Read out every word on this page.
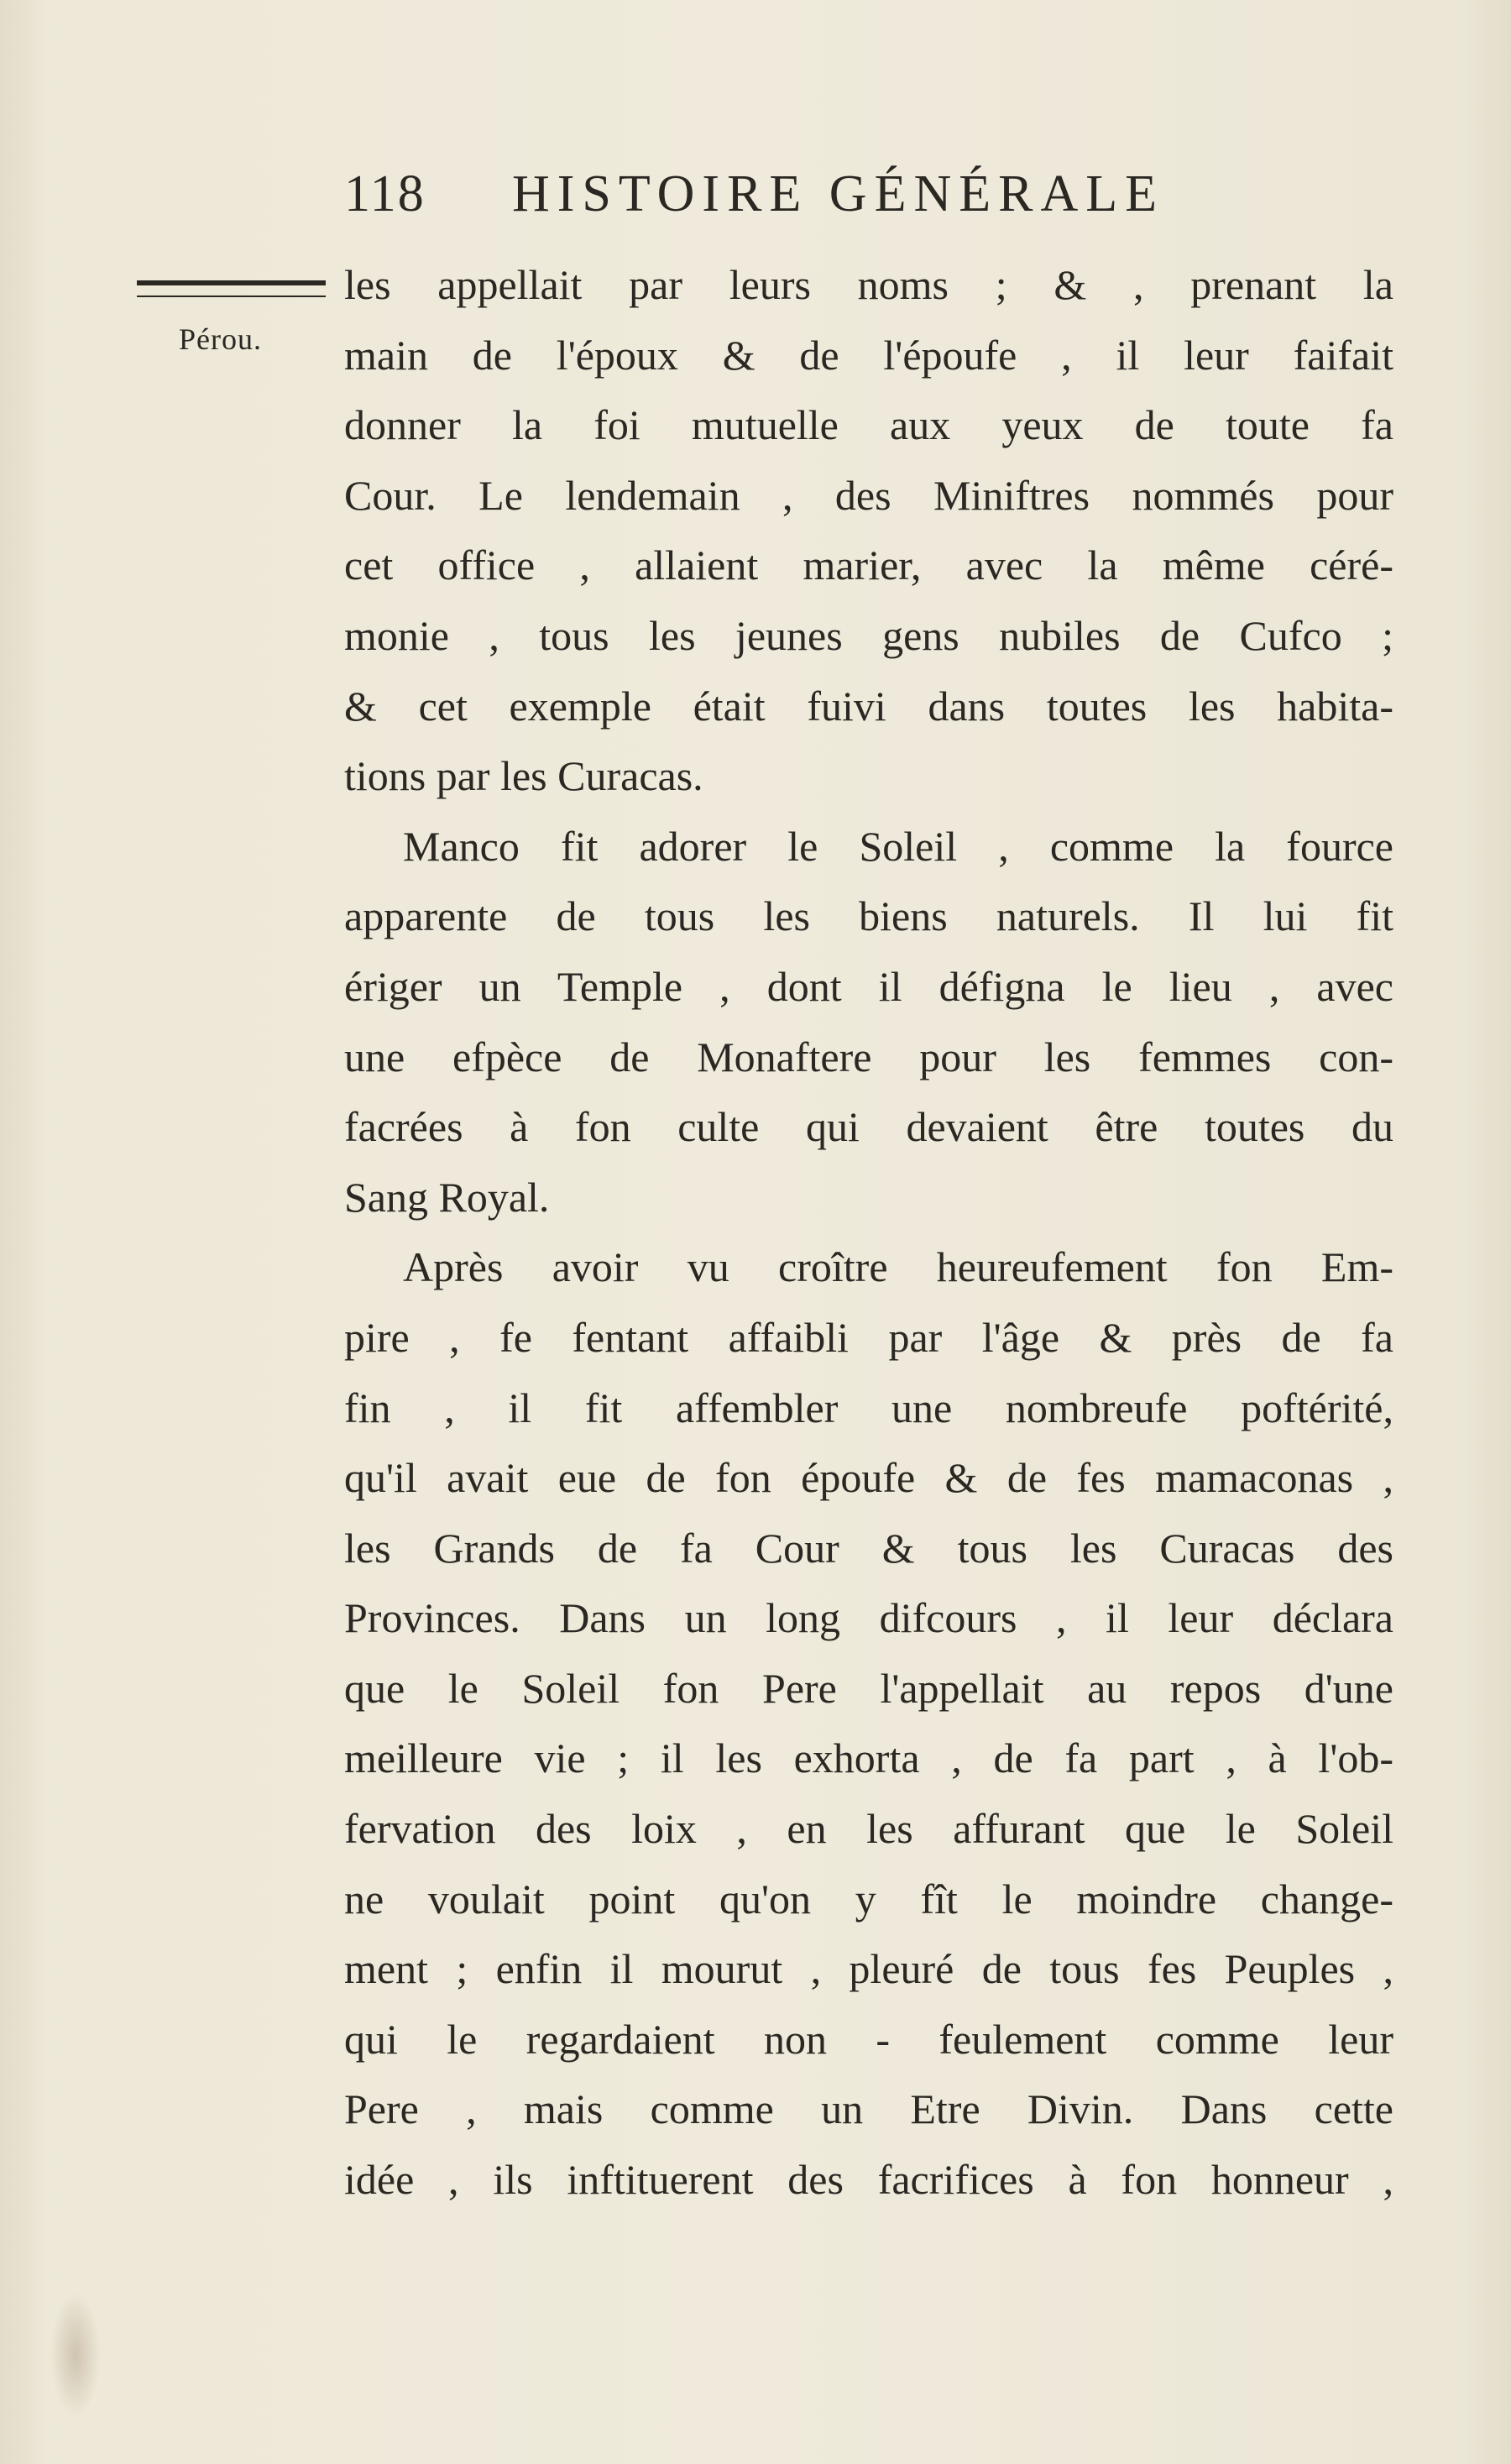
118 HISTOIRE GÉNÉRALE
Pérou.
les appellait par leurs noms ; & , prenant la
main de l'époux & de l'époufe , il leur faifait
donner la foi mutuelle aux yeux de toute fa
Cour. Le lendemain , des Miniftres nommés pour
cet office , allaient marier, avec la même céré-
monie , tous les jeunes gens nubiles de Cufco ;
& cet exemple était fuivi dans toutes les habita-
tions par les Curacas.
Manco fit adorer le Soleil , comme la fource
apparente de tous les biens naturels. Il lui fit
ériger un Temple , dont il défigna le lieu , avec
une efpèce de Monaftere pour les femmes con-
facrées à fon culte qui devaient être toutes du
Sang Royal.
Après avoir vu croître heureufement fon Em-
pire , fe fentant affaibli par l'âge & près de fa
fin , il fit affembler une nombreufe poftérité,
qu'il avait eue de fon époufe & de fes mamaconas ,
les Grands de fa Cour & tous les Curacas des
Provinces. Dans un long difcours , il leur déclara
que le Soleil fon Pere l'appellait au repos d'une
meilleure vie ; il les exhorta , de fa part , à l'ob-
fervation des loix , en les affurant que le Soleil
ne voulait point qu'on y fît le moindre change-
ment ; enfin il mourut , pleuré de tous fes Peuples ,
qui le regardaient non - feulement comme leur
Pere , mais comme un Etre Divin. Dans cette
idée , ils inftituerent des facrifices à fon honneur ,
